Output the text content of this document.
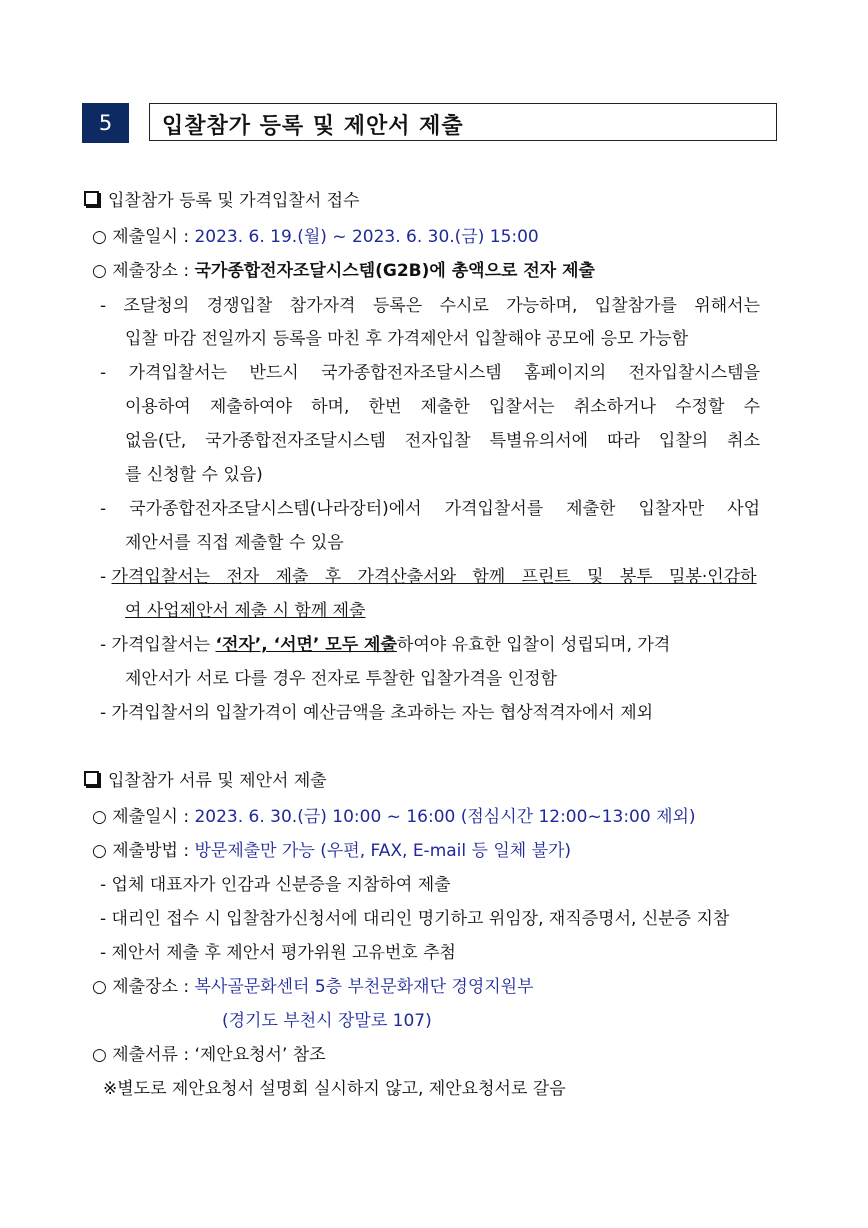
5	입찰참가 등록 및 제안서 제출
입찰참가 등록 및 가격입찰서 접수
○ 제출일시 : 2023. 6. 19.(월) ~ 2023. 6. 30.(금) 15:00
○ 제출장소 : 국가종합전자조달시스템(G2B)에 총액으로 전자 제출
- 조달청의 경쟁입찰 참가자격 등록은 수시로 가능하며, 입찰참가를 위해서는
입찰 마감 전일까지 등록을 마친 후 가격제안서 입찰해야 공모에 응모 가능함
- 가격입찰서는 반드시 국가종합전자조달시스템 홈페이지의 전자입찰시스템을
이용하여 제출하여야 하며, 한번 제출한 입찰서는 취소하거나 수정할 수
없음(단, 국가종합전자조달시스템 전자입찰 특별유의서에 따라 입찰의 취소
를 신청할 수 있음)
- 국가종합전자조달시스템(나라장터)에서 가격입찰서를 제출한 입찰자만 사업
제안서를 직접 제출할 수 있음
- 가격입찰서는 전자 제출 후 가격산출서와 함께 프린트 및 봉투 밀봉·인감하
여 사업제안서 제출 시 함께 제출
- 가격입찰서는 ‘전자’, ‘서면’ 모두 제출하여야 유효한 입찰이 성립되며, 가격
제안서가 서로 다를 경우 전자로 투찰한 입찰가격을 인정함
- 가격입찰서의 입찰가격이 예산금액을 초과하는 자는 협상적격자에서 제외
입찰참가 서류 및 제안서 제출
○ 제출일시 : 2023. 6. 30.(금) 10:00 ~ 16:00 (점심시간 12:00~13:00 제외)
○ 제출방법 : 방문제출만 가능 (우편, FAX, E-mail 등 일체 불가)
- 업체 대표자가 인감과 신분증을 지참하여 제출
- 대리인 접수 시 입찰참가신청서에 대리인 명기하고 위임장, 재직증명서, 신분증 지참
- 제안서 제출 후 제안서 평가위원 고유번호 추첨
○ 제출장소 : 복사골문화센터 5층 부천문화재단 경영지원부
(경기도 부천시 장말로 107)
○ 제출서류 : ‘제안요청서’ 참조
※별도로 제안요청서 설명회 실시하지 않고, 제안요청서로 갈음
